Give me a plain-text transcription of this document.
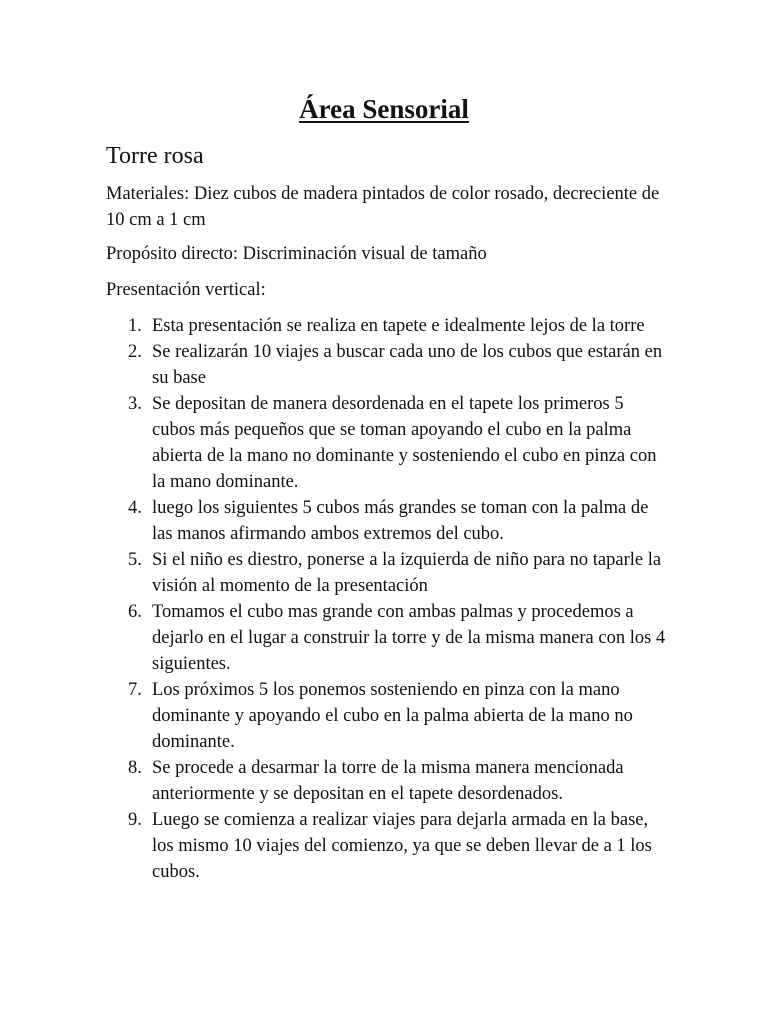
Área Sensorial
Torre rosa
Materiales: Diez cubos de madera pintados de color rosado, decreciente de 10 cm a 1 cm
Propósito directo: Discriminación visual de tamaño
Presentación vertical:
1. Esta presentación se realiza en tapete e idealmente lejos de la torre
2. Se realizarán 10 viajes a buscar cada uno de los cubos que estarán en su base
3. Se depositan de manera desordenada en el tapete los primeros 5 cubos más pequeños que se toman apoyando el cubo en la palma abierta de la mano no dominante y sosteniendo el cubo en pinza con la mano dominante.
4. luego los siguientes 5 cubos más grandes se toman con la palma de las manos afirmando ambos extremos del cubo.
5. Si el niño es diestro, ponerse a la izquierda de niño para no taparle la visión al momento de la presentación
6. Tomamos el cubo mas grande con ambas palmas y procedemos a dejarlo en el lugar a construir la torre y de la misma manera con los 4 siguientes.
7. Los próximos 5 los ponemos sosteniendo en pinza con la mano dominante y apoyando el cubo en la palma abierta de la mano no dominante.
8. Se procede a desarmar la torre de la misma manera mencionada anteriormente y se depositan en el tapete desordenados.
9. Luego se comienza a realizar viajes para dejarla armada en la base, los mismo 10 viajes del comienzo, ya que se deben llevar de a 1 los cubos.
